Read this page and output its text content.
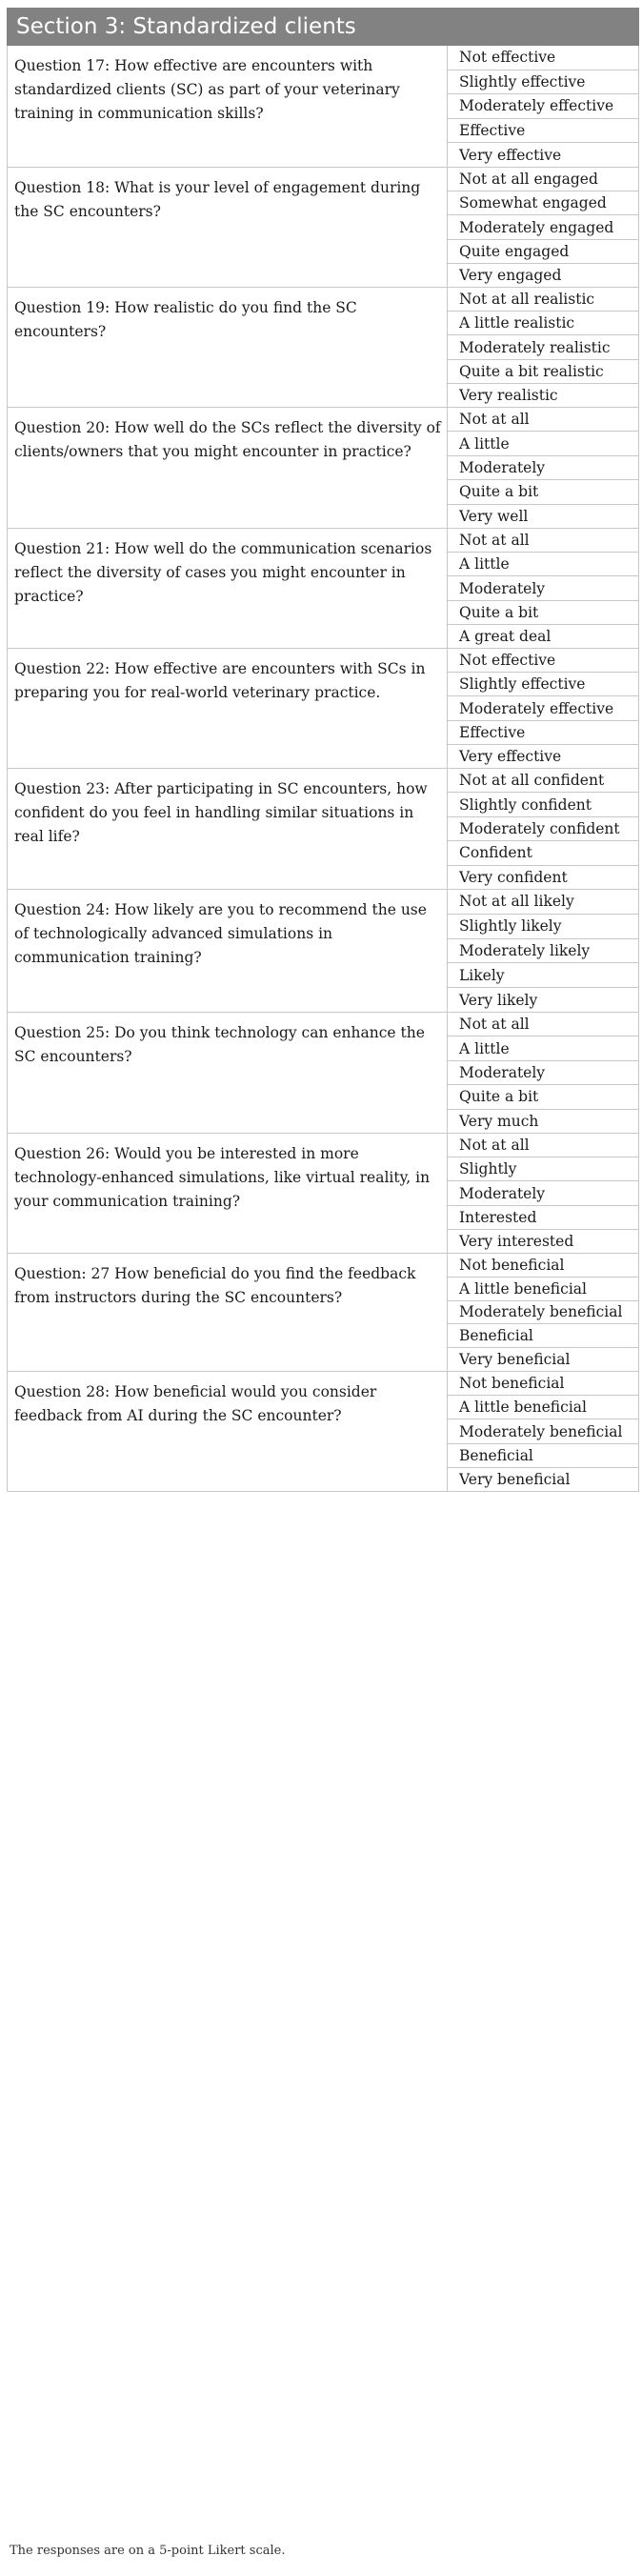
Section 3: Standardized clients
Question 17: How effective are encounters with standardized clients (SC) as part of your veterinary training in communication skills?
Not effective
Slightly effective
Moderately effective
Effective
Very effective
Question 18: What is your level of engagement during the SC encounters?
Not at all engaged
Somewhat engaged
Moderately engaged
Quite engaged
Very engaged
Question 19: How realistic do you find the SC encounters?
Not at all realistic
A little realistic
Moderately realistic
Quite a bit realistic
Very realistic
Question 20: How well do the SCs reflect the diversity of clients/owners that you might encounter in practice?
Not at all
A little
Moderately
Quite a bit
Very well
Question 21: How well do the communication scenarios reflect the diversity of cases you might encounter in practice?
Not at all
A little
Moderately
Quite a bit
A great deal
Question 22: How effective are encounters with SCs in preparing you for real-world veterinary practice.
Not effective
Slightly effective
Moderately effective
Effective
Very effective
Question 23: After participating in SC encounters, how confident do you feel in handling similar situations in real life?
Not at all confident
Slightly confident
Moderately confident
Confident
Very confident
Question 24: How likely are you to recommend the use of technologically advanced simulations in communication training?
Not at all likely
Slightly likely
Moderately likely
Likely
Very likely
Question 25: Do you think technology can enhance the SC encounters?
Not at all
A little
Moderately
Quite a bit
Very much
Question 26: Would you be interested in more technology-enhanced simulations, like virtual reality, in your communication training?
Not at all
Slightly
Moderately
Interested
Very interested
Question: 27 How beneficial do you find the feedback from instructors during the SC encounters?
Not beneficial
A little beneficial
Moderately beneficial
Beneficial
Very beneficial
Question 28: How beneficial would you consider feedback from AI during the SC encounter?
Not beneficial
A little beneficial
Moderately beneficial
Beneficial
Very beneficial
The responses are on a 5-point Likert scale.
